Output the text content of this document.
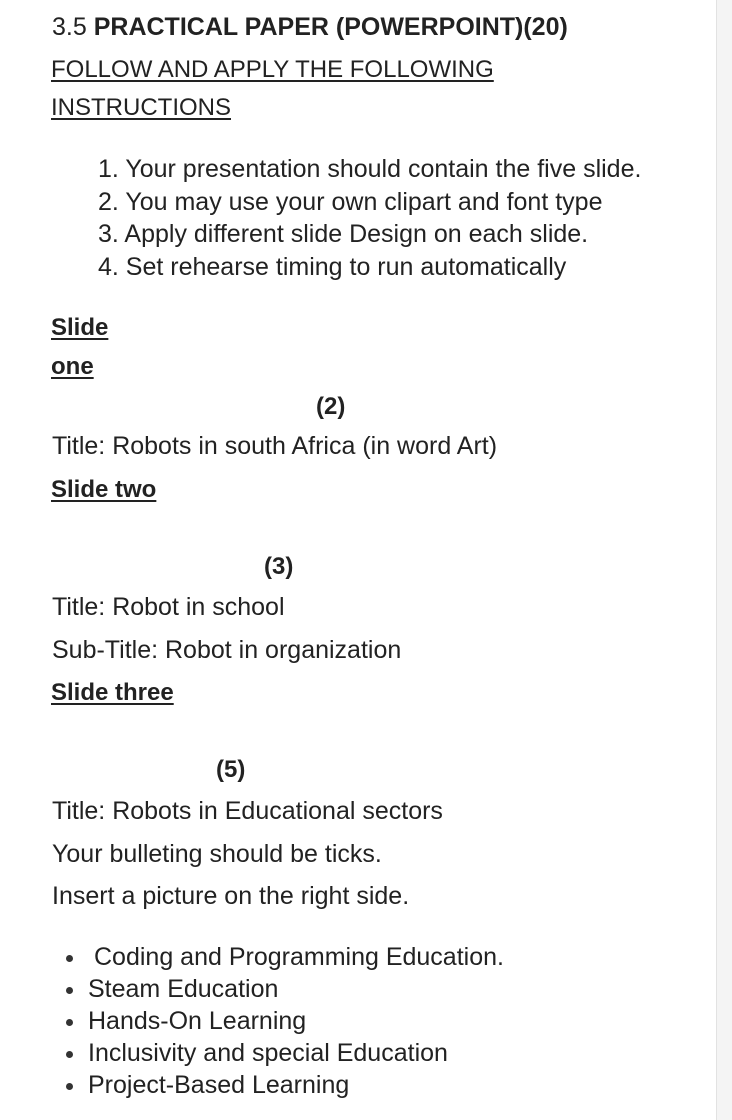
3.5 PRACTICAL PAPER (POWERPOINT)(20)

FOLLOW AND APPLY THE FOLLOWING

INSTRUCTIONS

1. Your presentation should contain the five slide.
2. You may use your own clipart and font type
3. Apply different slide Design on each slide.
4. Set rehearse timing to run automatically

Slide

one

(2)

Title: Robots in south Africa (in word Art)

Slide two

(3)

Title: Robot in school

Sub-Title: Robot in organization

Slide three

(5)

Title: Robots in Educational sectors

Your bulleting should be ticks.

Insert a picture on the right side.

Coding and Programming Education.
Steam Education
Hands-On Learning
Inclusivity and special Education
Project-Based Learning
